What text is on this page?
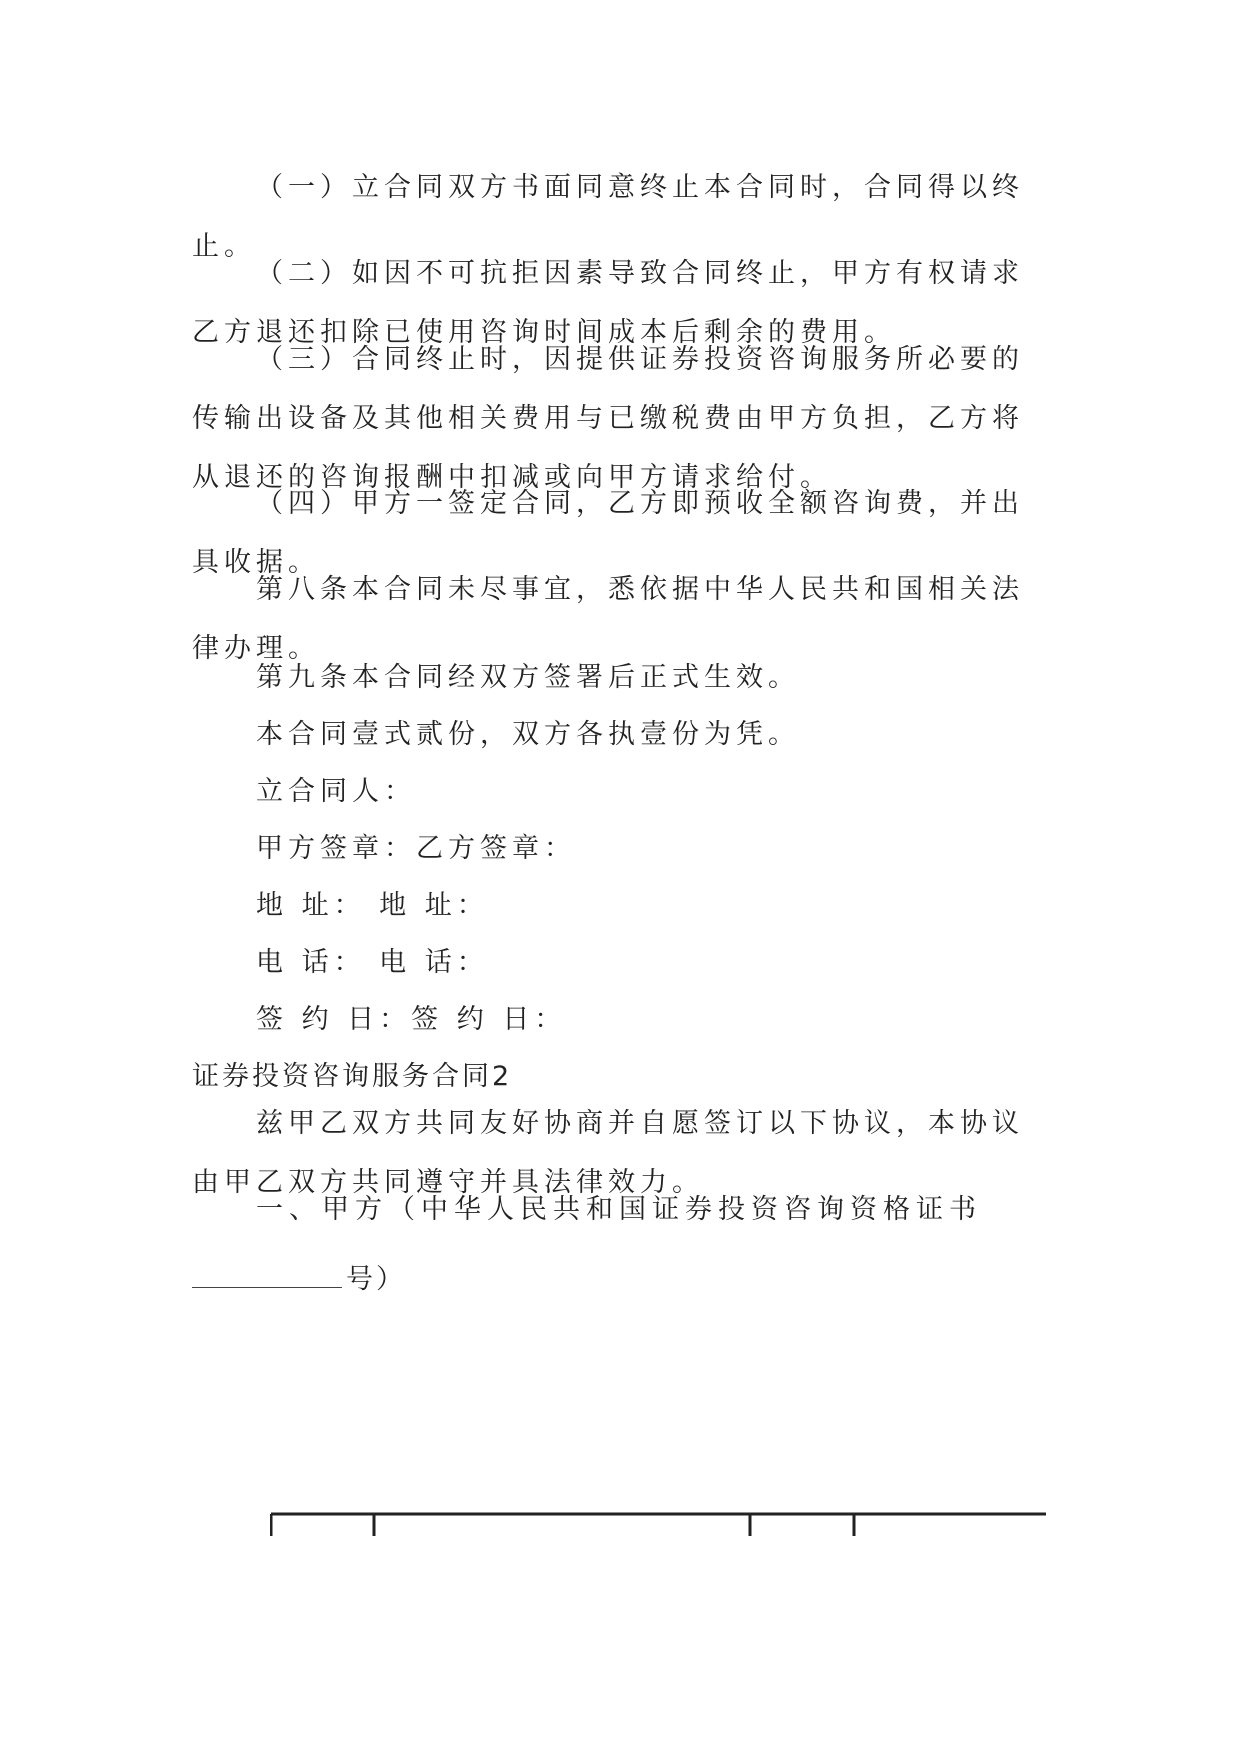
（一）立合同双方书面同意终止本合同时，合同得以终止。

（二）如因不可抗拒因素导致合同终止，甲方有权请求乙方退还扣除已使用咨询时间成本后剩余的费用。

（三）合同终止时，因提供证券投资咨询服务所必要的传输出设备及其他相关费用与已缴税费由甲方负担，乙方将从退还的咨询报酬中扣减或向甲方请求给付。

（四）甲方一签定合同，乙方即预收全额咨询费，并出具收据。

第八条本合同未尽事宜，悉依据中华人民共和国相关法律办理。

第九条本合同经双方签署后正式生效。

本合同壹式贰份，双方各执壹份为凭。

立合同人：

甲方签章：乙方签章：

地 址： 地 址：

电 话： 电 话：

签 约 日：签 约 日：

证券投资咨询服务合同2

兹甲乙双方共同友好协商并自愿签订以下协议，本协议由甲乙双方共同遵守并具法律效力。

一、甲方（中华人民共和国证券投资咨询资格证书

号）
